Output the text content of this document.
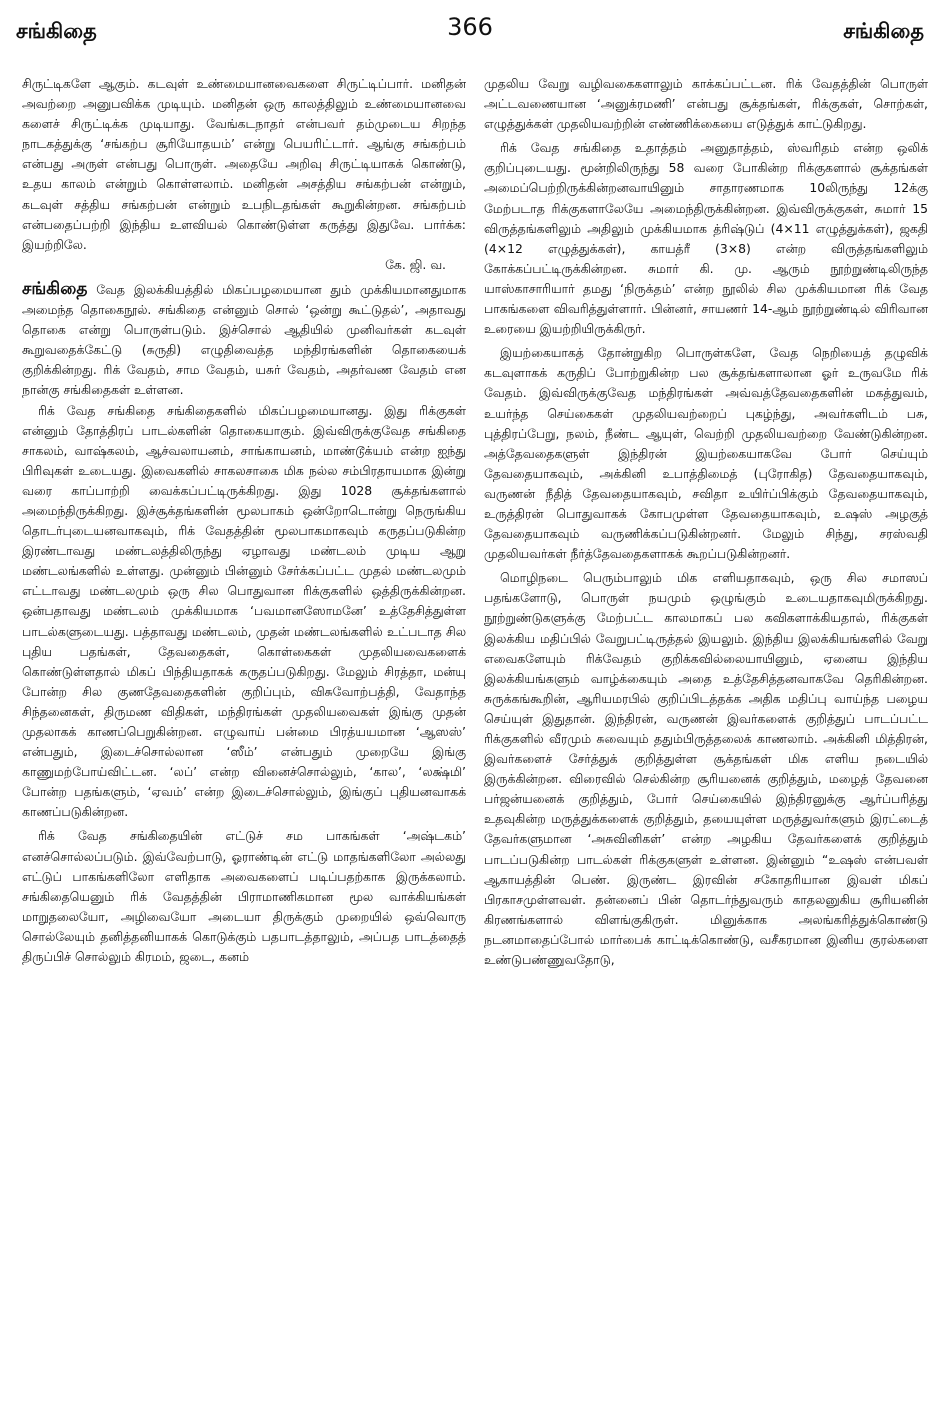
சங்கிதை	366	சங்கிதை

சிருட்டிகளே ஆகும். கடவுள் உண்மையானவைகளை சிருட்டிப்பார். மனிதன் அவற்றை அனுபவிக்க முடியும். மனிதன் ஒரு காலத்திலும் உண்மையானவை களைச் சிருட்டிக்க முடியாது. வேங்கடநாதர் என்பவர் தம்முடைய சிறந்த நாடகத்துக்கு ‘சங்கற்ப சூரியோதயம்’ என்று பெயரிட்டார். ஆங்கு சங்கற்பம் என்பது அருள் என்பது பொருள். அதையே அறிவு சிருட்டியாகக் கொண்டு, உதய காலம் என்றும் கொள்ளலாம். மனிதன் அசத்திய சங்கற்பன் என்றும், கடவுள் சத்திய சங்கற்பன் என்றும் உபநிடதங்கள் கூறுகின்றன. சங்கற்பம் என்பதைப்பற்றி இந்திய உளவியல் கொண்டுள்ள கருத்து இதுவே. பார்க்க: இயற்றிலே.

கே. ஜி. வ.

சங்கிதை வேத இலக்கியத்தில் மிகப்பழமையான தும் முக்கியமானதுமாக அமைந்த தொகைநூல். சங்கிதை என்னும் சொல் ‘ஒன்று கூட்டுதல்’, அதாவது தொகை என்று பொருள்படும். இச்சொல் ஆதியில் முனிவர்கள் கடவுள் கூறுவதைக்கேட்டு (சுருதி) எழுதிவைத்த மந்திரங்களின் தொகையைக் குறிக்கின்றது. ரிக் வேதம், சாம வேதம், யசுர் வேதம், அதர்வண வேதம் என நான்கு சங்கிதைகள் உள்ளன.

ரிக் வேத சங்கிதை சங்கிதைகளில் மிகப்பழமையானது. இது ரிக்குகள் என்னும் தோத்திரப் பாடல்களின் தொகையாகும். இவ்விருக்குவேத சங்கிதை சாகலம், வாஷ்கலம், ஆச்வலாயனம், சாங்காயனம், மாண்டூக்யம் என்ற ஐந்து பிரிவுகள் உடையது. இவைகளில் சாகலசாகை மிக நல்ல சம்பிரதாயமாக இன்று வரை காப்பாற்றி வைக்கப்பட்டிருக்கிறது. இது 1028 சூக்தங்களால் அமைந்திருக்கிறது. இச்சூக்தங்களின் மூலபாகம் ஒன்றோடொன்று நெருங்கிய தொடர்புடையனவாகவும், ரிக் வேதத்தின் மூலபாகமாகவும் கருதப்படுகின்ற இரண்டாவது மண்டலத்திலிருந்து ஏழாவது மண்டலம் முடிய ஆறு மண்டலங்களில் உள்ளது. முன்னும் பின்னும் சேர்க்கப்பட்ட முதல் மண்டலமும் எட்டாவது மண்டலமும் ஒரு சில பொதுவான ரிக்குகளில் ஒத்திருக்கின்றன. ஒன்பதாவது மண்டலம் முக்கியமாக ‘பவமானஸோமனே’ உத்தேசித்துள்ள பாடல்களுடையது. பத்தாவது மண்டலம், முதன் மண்டலங்களில் உட்படாத சில புதிய பதங்கள், தேவதைகள், கொள்கைகள் முதலியவைகளைக் கொண்டுள்ளதால் மிகப் பிந்தியதாகக் கருதப்படுகிறது. மேலும் சிரத்தா, மன்யு போன்ற சில குணதேவதைகளின் குறிப்பும், விசுவோற்பத்தி, வேதாந்த சிந்தனைகள், திருமண விதிகள், மந்திரங்கள் முதலியவைகள் இங்கு முதன் முதலாகக் காணப்பெறுகின்றன. எழுவாய் பன்மை பிரத்யயமான ‘ஆஸஸ்’ என்பதும், இடைச்சொல்லான ‘ஸீம்’ என்பதும் முறையே இங்கு காணுமற்போய்விட்டன. ‘லப்’ என்ற வினைச்சொல்லும், ‘கால’, ‘லக்ஷ்மி’ போன்ற பதங்களும், ‘ஏவம்’ என்ற இடைச்சொல்லும், இங்குப் புதியனவாகக் காணப்படுகின்றன.

ரிக் வேத சங்கிதையின் எட்டுச் சம பாகங்கள் ‘அஷ்டகம்’ எனச்சொல்லப்படும். இவ்வேற்பாடு, ஓராண்டின் எட்டு மாதங்களிலோ அல்லது எட்டுப் பாகங்களிலோ எளிதாக அவைகளைப் படிப்பதற்காக இருக்கலாம். சங்கிதையெனும் ரிக் வேதத்தின் பிராமாணிகமான மூல வாக்கியங்கள் மாறுதலையோ, அழிவையோ அடையா திருக்கும் முறையில் ஒவ்வொரு சொல்லேயும் தனித்தனியாகக் கொடுக்கும் பதபாடத்தாலும், அப்பத பாடத்தைத் திருப்பிச் சொல்லும் கிரமம், ஜடை, கனம்

முதலிய வேறு வழிவகைகளாலும் காக்கப்பட்டன. ரிக் வேதத்தின் பொருள் அட்டவணையான ‘அனுக்ரமணி’ என்பது சூக்தங்கள், ரிக்குகள், சொற்கள், எழுத்துக்கள் முதலியவற்றின் எண்ணிக்கையை எடுத்துக் காட்டுகிறது.

ரிக் வேத சங்கிதை உதாத்தம் அனுதாத்தம், ஸ்வரிதம் என்ற ஒலிக் குறிப்புடையது. மூன்றிலிருந்து 58 வரை போகின்ற ரிக்குகளால் சூக்தங்கள் அமைப்பெற்றிருக்கின்றனவாயினும் சாதாரணமாக 10லிருந்து 12க்கு மேற்படாத ரிக்குகளாலேயே அமைந்திருக்கின்றன. இவ்விருக்குகள், சுமார் 15 விருத்தங்களிலும் அதிலும் முக்கியமாக த்ரிஷ்டுப் (4×11 எழுத்துக்கள்), ஜகதி (4×12 எழுத்துக்கள்), காயத்ரீ (3×8) என்ற விருத்தங்களிலும் கோக்கப்பட்டிருக்கின்றன. சுமார் கி. மு. ஆரும் நூற்றுண்டிலிருந்த யாஸ்காசாரியார் தமது ‘நிருக்தம்’ என்ற நூலில் சில முக்கியமான ரிக் வேத பாகங்களை விவரித்துள்ளார். பின்னர், சாயணர் 14-ஆம் நூற்றுண்டில் விரிவான உரையை இயற்றியிருக்கிருர்.

இயற்கையாகத் தோன்றுகிற பொருள்களே, வேத நெறியைத் தழுவிக் கடவுளாகக் கருதிப் போற்றுகின்ற பல சூக்தங்களாலான ஓர் உருவமே ரிக் வேதம். இவ்விருக்குவேத மந்திரங்கள் அவ்வத்தேவதைகளின் மகத்துவம், உயர்ந்த செய்கைகள் முதலியவற்றைப் புகழ்ந்து, அவர்களிடம் பசு, புத்திரப்பேறு, நலம், நீண்ட ஆயுள், வெற்றி முதலியவற்றை வேண்டுகின்றன. அத்தேவதைகளுள் இந்திரன் இயற்கையாகவே போர் செய்யும் தேவதையாகவும், அக்கினி உபாத்திமைத் (புரோகித) தேவதையாகவும், வருணன் நீதித் தேவதையாகவும், சவிதா உயிர்ப்பிக்கும் தேவதையாகவும், உருத்திரன் பொதுவாகக் கோபமுள்ள தேவதையாகவும், உஷஸ் அழகுத் தேவதையாகவும் வருணிக்கப்படுகின்றனர். மேலும் சிந்து, சரஸ்வதி முதலியவர்கள் நீர்த்தேவதைகளாகக் கூறப்படுகின்றனர்.

மொழிநடை பெரும்பாலும் மிக எளியதாகவும், ஒரு சில சமாஸப் பதங்களோடு, பொருள் நயமும் ஒழுங்கும் உடையதாகவுமிருக்கிறது. நூற்றுண்டுகளுக்கு மேற்பட்ட காலமாகப் பல கவிகளாக்கியதால், ரிக்குகள் இலக்கிய மதிப்பில் வேறுபட்டிருத்தல் இயலும். இந்திய இலக்கியங்களில் வேறு எவைகளேயும் ரிக்வேதம் குறிக்கவில்லையாயினும், ஏனைய இந்திய இலக்கியங்களும் வாழ்க்கையும் அதை உத்தேசித்தனவாகவே தெரிகின்றன. சுருக்கங்கூறின், ஆரியமரபில் குறிப்பிடத்தக்க அதிக மதிப்பு வாய்ந்த பழைய செய்யுள் இதுதான். இந்திரன், வருணன் இவர்களைக் குறித்துப் பாடப்பட்ட ரிக்குகளில் வீரமும் சுவையும் ததும்பிருத்தலைக் காணலாம். அக்கினி மித்திரன், இவர்களைச் சேர்த்துக் குறித்துள்ள சூக்தங்கள் மிக எளிய நடையில் இருக்கின்றன. விரைவில் செல்கின்ற சூரியனைக் குறித்தும், மழைத் தேவனை பர்ஜன்யனைக் குறித்தும், போர் செய்கையில் இந்திரனுக்கு ஆர்ப்பரித்து உதவுகின்ற மருத்துக்களைக் குறித்தும், தயையுள்ள மருத்துவர்களும் இரட்டைத் தேவர்களுமான ‘அசுவினிகள்’ என்ற அழகிய தேவர்களைக் குறித்தும் பாடப்படுகின்ற பாடல்கள் ரிக்குகளுள் உள்ளன. இன்னும் “உஷஸ் என்பவள் ஆகாயத்தின் பெண். இருண்ட இரவின் சகோதரியான இவள் மிகப் பிரகாசமுள்ளவள். தன்னைப் பின் தொடர்ந்துவரும் காதலனுகிய சூரியனின் கிரணங்களால் விளங்குகிருள். மினுக்காக அலங்கரித்துக்கொண்டு நடனமாதைப்போல் மார்பைக் காட்டிக்கொண்டு, வசீகரமான இனிய குரல்களை உண்டுபண்ணுவதோடு,
